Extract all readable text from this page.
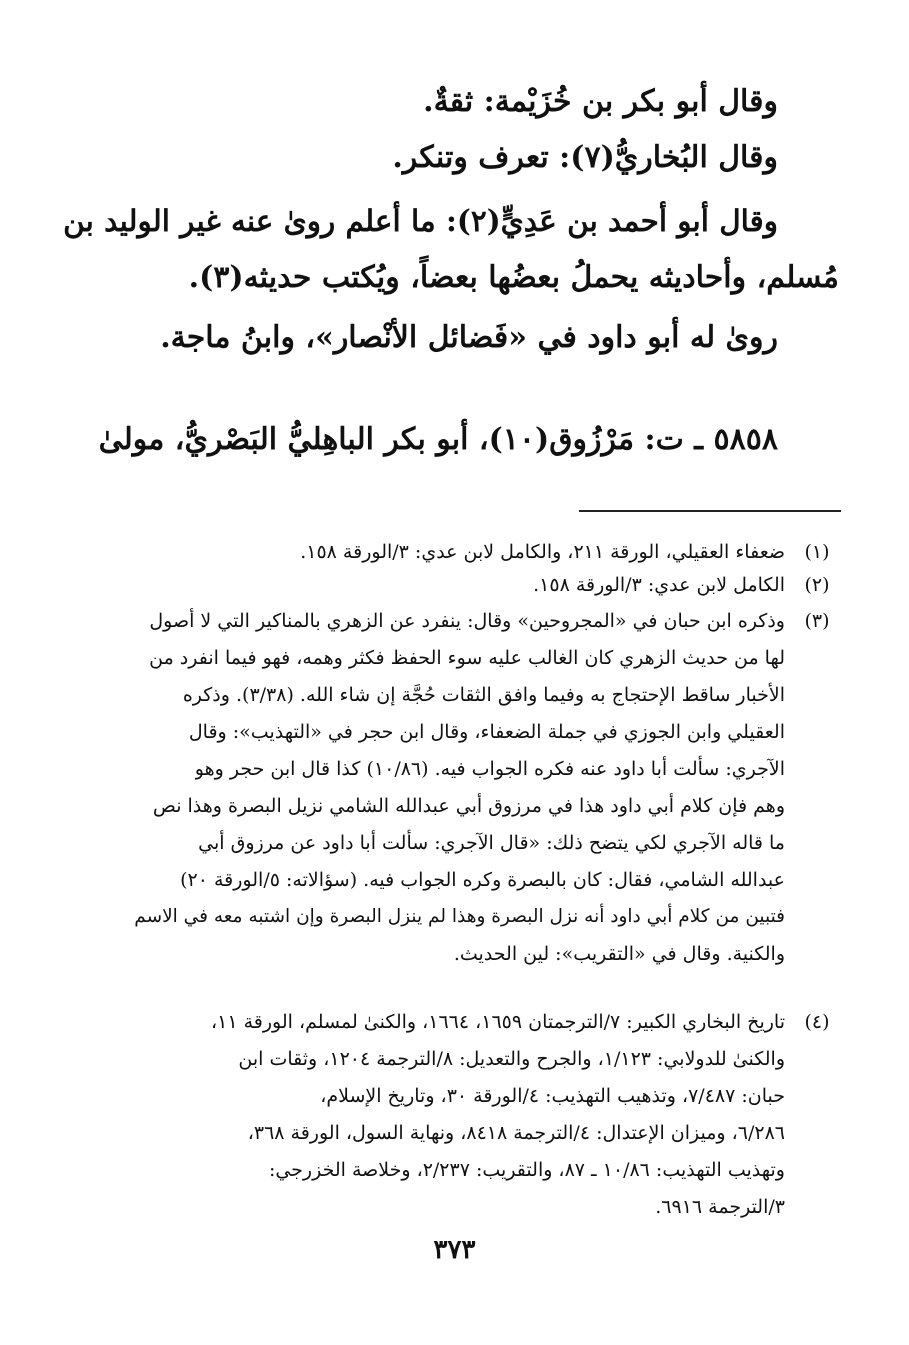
وقال أبو بكر بن خُزَيْمة: ثقةٌ.
وقال البُخاريُّ(٧): تعرف وتنكر.
وقال أبو أحمد بن عَدِيٍّ(٢): ما أعلم روىٰ عنه غير الوليد بن
مُسلم، وأحاديثه يحملُ بعضُها بعضاً، ويُكتب حديثه(٣).
روىٰ له أبو داود في «فَضائل الأنْصار»، وابنُ ماجة.
٥٨٥٨ ـ ت: مَرْزُوق(١٠)، أبو بكر الباهِليُّ البَصْريُّ، مولىٰ
(١)
ضعفاء العقيلي، الورقة ٢١١، والكامل لابن عدي: ٣/الورقة ١٥٨.
(٢)
الكامل لابن عدي: ٣/الورقة ١٥٨.
(٣)
وذكره ابن حبان في «المجروحين» وقال: ينفرد عن الزهري بالمناكير التي لا أصول
لها من حديث الزهري كان الغالب عليه سوء الحفظ فكثر وهمه، فهو فيما انفرد من
الأخبار ساقط الإحتجاج به وفيما وافق الثقات حُجَّة إن شاء الله. (٣/٣٨). وذكره
العقيلي وابن الجوزي في جملة الضعفاء، وقال ابن حجر في «التهذيب»: وقال
الآجري: سألت أبا داود عنه فكره الجواب فيه. (١٠/٨٦) كذا قال ابن حجر وهو
وهم فإن كلام أبي داود هذا في مرزوق أبي عبدالله الشامي نزيل البصرة وهذا نص
ما قاله الآجري لكي يتضح ذلك: «قال الآجري: سألت أبا داود عن مرزوق أبي
عبدالله الشامي، فقال: كان بالبصرة وكره الجواب فيه. (سؤالاته: ٥/الورقة ٢٠)
فتبين من كلام أبي داود أنه نزل البصرة وهذا لم ينزل البصرة وإن اشتبه معه في الاسم
والكنية. وقال في «التقريب»: لين الحديث.
(٤)
تاريخ البخاري الكبير: ٧/الترجمتان ١٦٥٩، ١٦٦٤، والكنىٰ لمسلم، الورقة ١١،
والكنىٰ للدولابي: ١/١٢٣، والجرح والتعديل: ٨/الترجمة ١٢٠٤، وثقات ابن
حبان: ٧/٤٨٧، وتذهيب التهذيب: ٤/الورقة ٣٠، وتاريخ الإسلام،
٦/٢٨٦، وميزان الإعتدال: ٤/الترجمة ٨٤١٨، ونهاية السول، الورقة ٣٦٨،
وتهذيب التهذيب: ١٠/٨٦ ـ ٨٧، والتقريب: ٢/٢٣٧، وخلاصة الخزرجي:
٣/الترجمة ٦٩١٦.
٣٧٣
